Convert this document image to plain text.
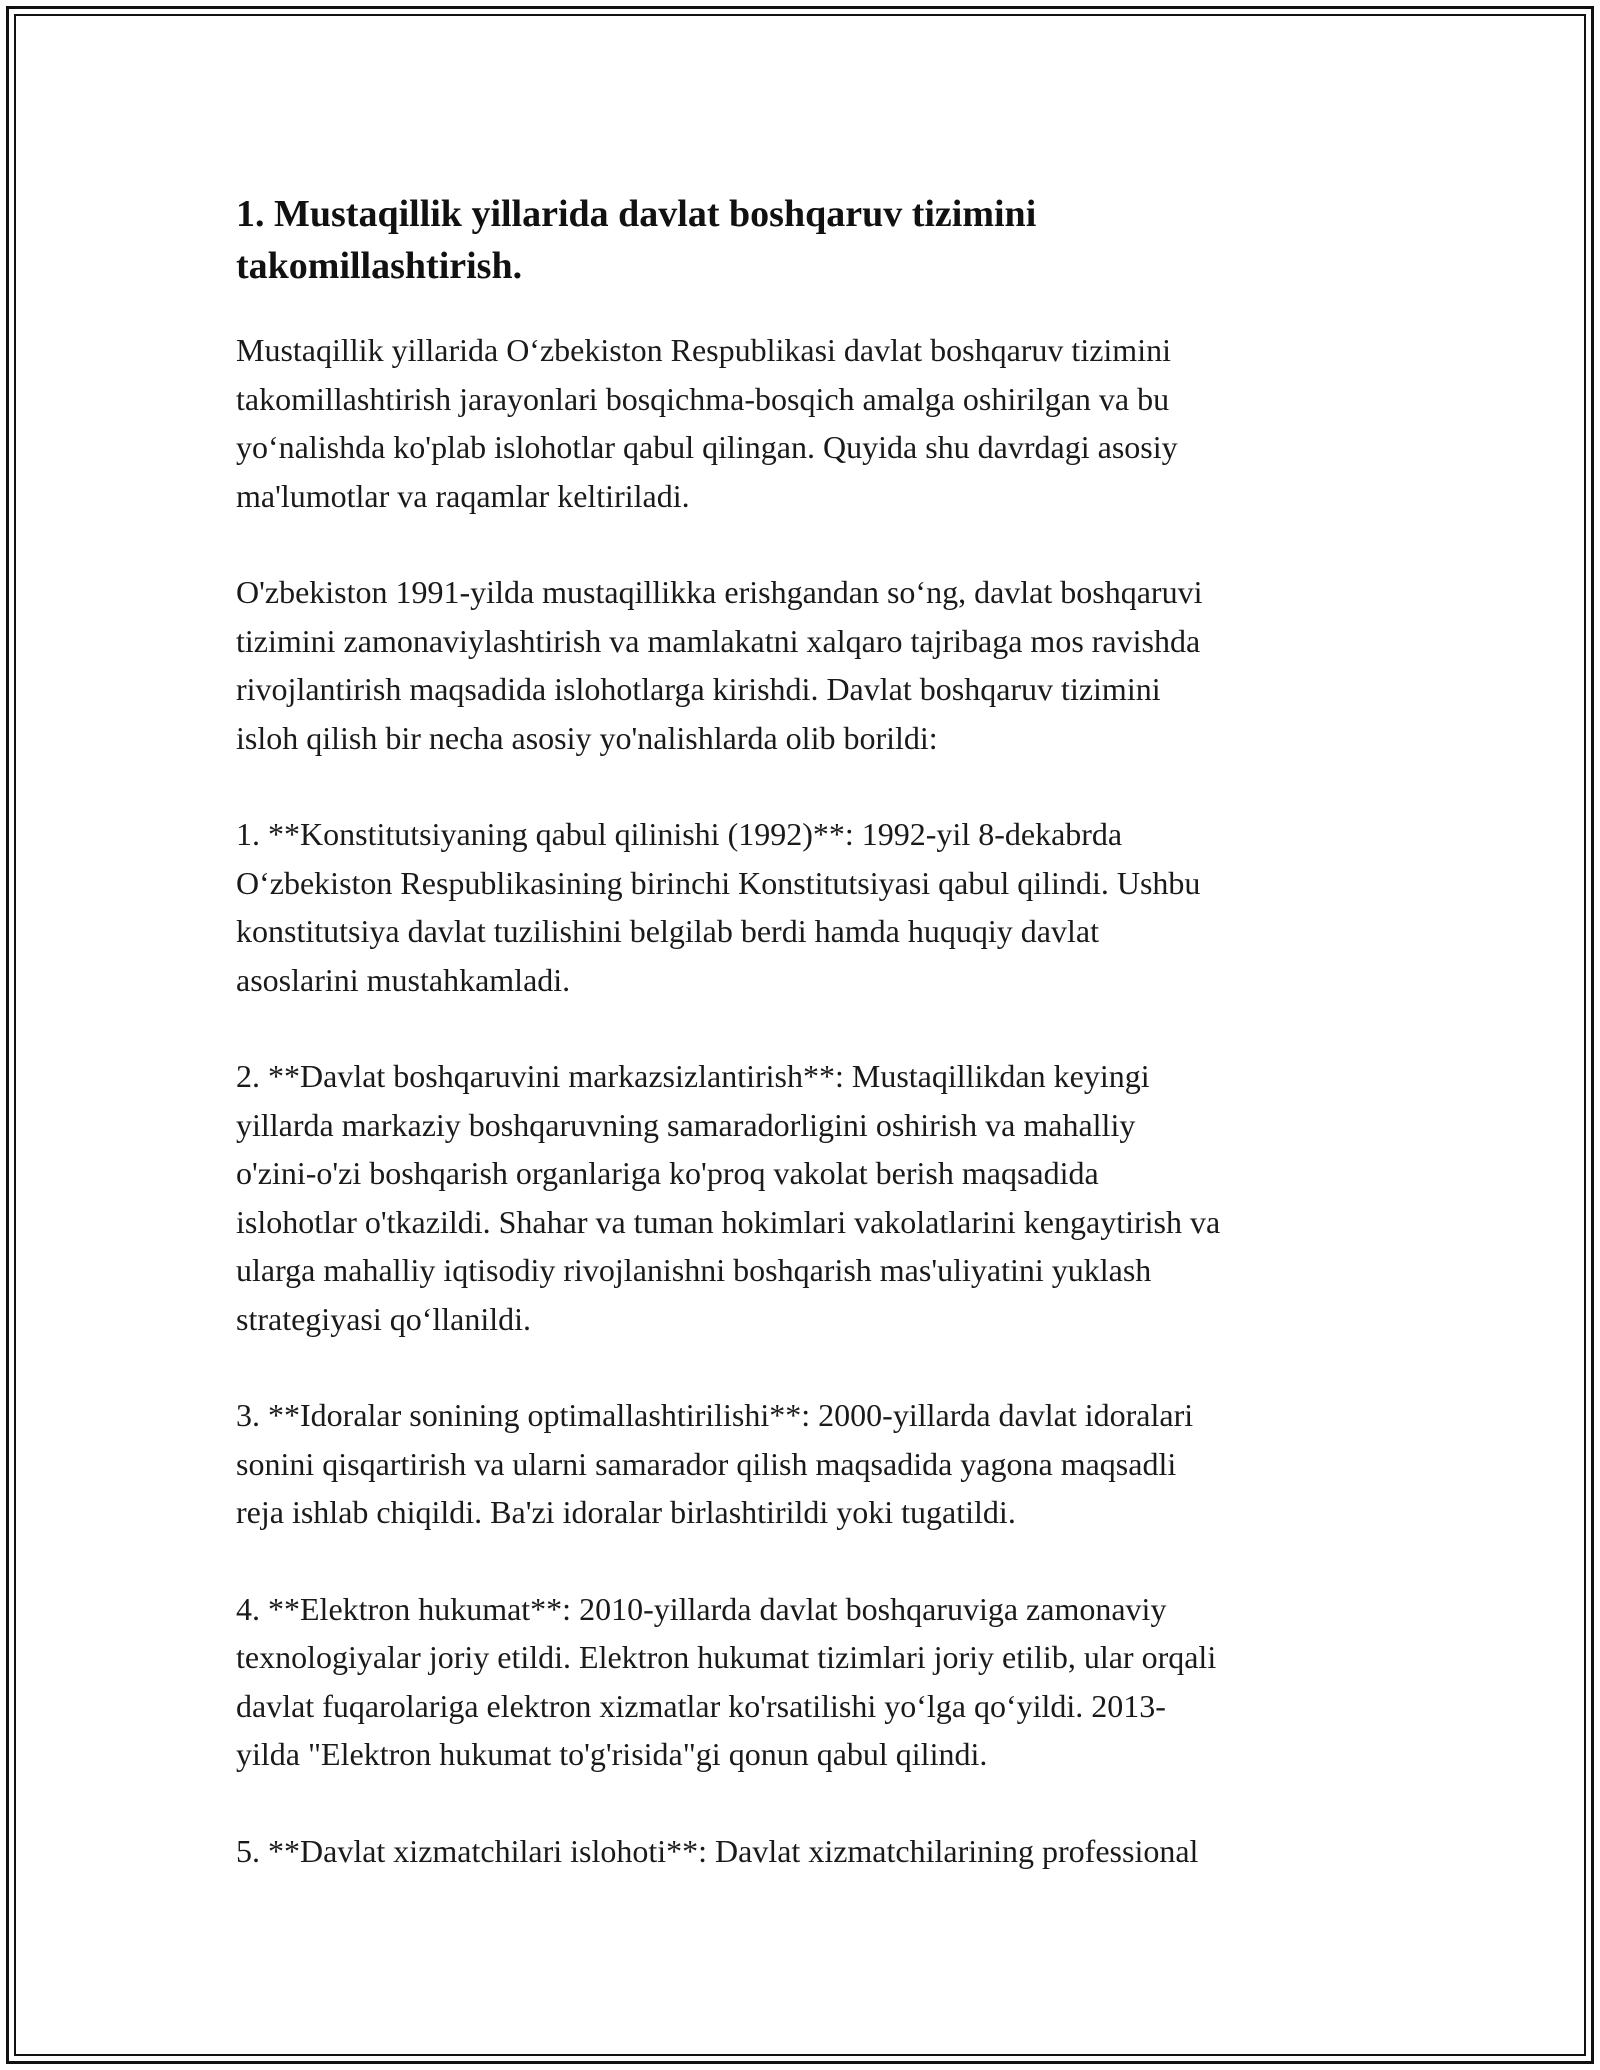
1. Mustaqillik yillarida davlat boshqaruv tizimini
takomillashtirish.

Mustaqillik yillarida O‘zbekiston Respublikasi davlat boshqaruv tizimini
takomillashtirish jarayonlari bosqichma-bosqich amalga oshirilgan va bu
yo‘nalishda ko'plab islohotlar qabul qilingan. Quyida shu davrdagi asosiy
ma'lumotlar va raqamlar keltiriladi.

O'zbekiston 1991-yilda mustaqillikka erishgandan so‘ng, davlat boshqaruvi
tizimini zamonaviylashtirish va mamlakatni xalqaro tajribaga mos ravishda
rivojlantirish maqsadida islohotlarga kirishdi. Davlat boshqaruv tizimini
isloh qilish bir necha asosiy yo'nalishlarda olib borildi:

1. **Konstitutsiyaning qabul qilinishi (1992)**: 1992-yil 8-dekabrda
O‘zbekiston Respublikasining birinchi Konstitutsiyasi qabul qilindi. Ushbu
konstitutsiya davlat tuzilishini belgilab berdi hamda huquqiy davlat
asoslarini mustahkamladi.

2. **Davlat boshqaruvini markazsizlantirish**: Mustaqillikdan keyingi
yillarda markaziy boshqaruvning samaradorligini oshirish va mahalliy
o'zini-o'zi boshqarish organlariga ko'proq vakolat berish maqsadida
islohotlar o'tkazildi. Shahar va tuman hokimlari vakolatlarini kengaytirish va
ularga mahalliy iqtisodiy rivojlanishni boshqarish mas'uliyatini yuklash
strategiyasi qo‘llanildi.

3. **Idoralar sonining optimallashtirilishi**: 2000-yillarda davlat idoralari
sonini qisqartirish va ularni samarador qilish maqsadida yagona maqsadli
reja ishlab chiqildi. Ba'zi idoralar birlashtirildi yoki tugatildi.

4. **Elektron hukumat**: 2010-yillarda davlat boshqaruviga zamonaviy
texnologiyalar joriy etildi. Elektron hukumat tizimlari joriy etilib, ular orqali
davlat fuqarolariga elektron xizmatlar ko'rsatilishi yo‘lga qo‘yildi. 2013-
yilda "Elektron hukumat to'g'risida"gi qonun qabul qilindi.

5. **Davlat xizmatchilari islohoti**: Davlat xizmatchilarining professional
